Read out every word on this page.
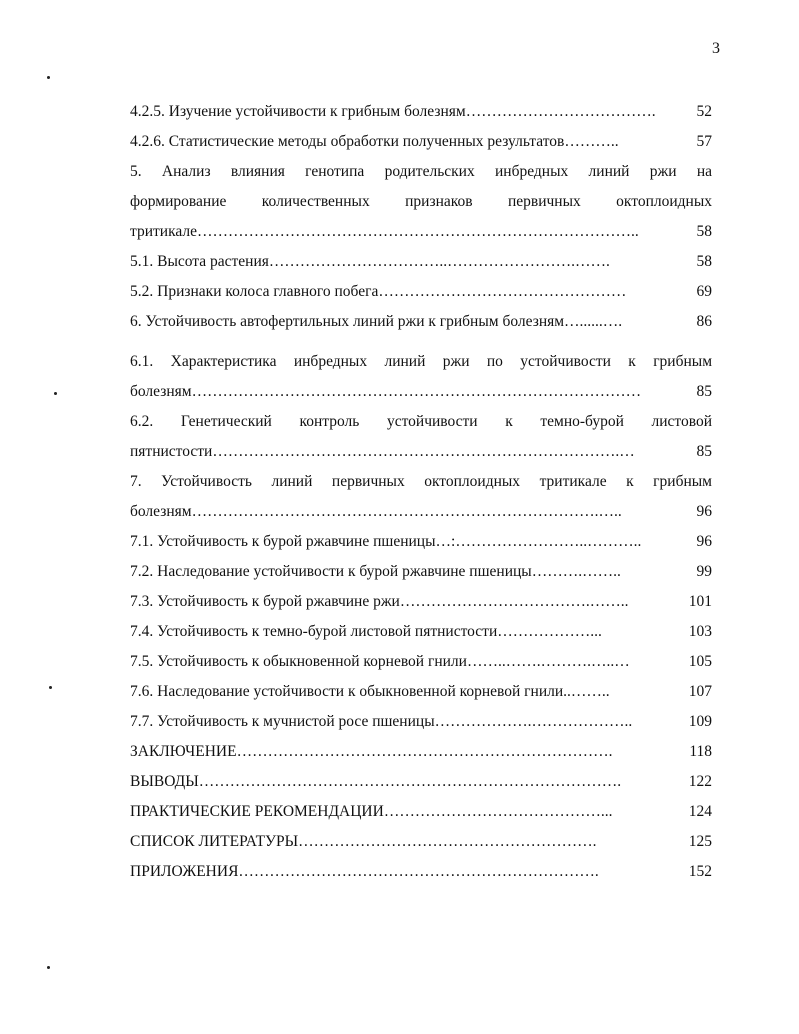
3
4.2.5. Изучение устойчивости к грибным болезням ……………………………….	52
4.2.6. Статистические методы обработки полученных результатов ………..	57
5. Анализ влияния генотипа родительских инбредных линий ржи на
формирование количественных признаков первичных октоплоидных
тритикале …………………………………………………………………………..	58
5.1. Высота растения ……………………………..…………………….…….	58
5.2. Признаки колоса главного побега …………………………………………	69
6. Устойчивость автофертильных линий ржи к грибным болезням …......….	86
6.1. Характеристика инбредных линий ржи по устойчивости к грибным
болезням ……………………………………………………………………………	85
6.2. Генетический контроль устойчивости к темно-бурой листовой
пятнистости …………………………………………………………………….…	85
7. Устойчивость линий первичных октоплоидных тритикале к грибным
болезням …………………………………………………………………….…..	96
7.1. Устойчивость к бурой ржавчине пшеницы …:……………………..………..	96
7.2. Наследование устойчивости к бурой ржавчине пшеницы ……….……..	99
7.3. Устойчивость к бурой ржавчине ржи ……………………………….……..	101
7.4. Устойчивость к темно-бурой листовой пятнистости ………………...	103
7.5. Устойчивость к обыкновенной корневой гнили ……..…….……….…..…	105
7.6. Наследование устойчивости к обыкновенной корневой гнили ..……..	107
7.7. Устойчивость к мучнистой росе пшеницы ……………….………………..	109
ЗАКЛЮЧЕНИЕ ……………………………………………………………….	118
ВЫВОДЫ ……………………………………………………………………….	122
ПРАКТИЧЕСКИЕ РЕКОМЕНДАЦИИ ……………………………………...	124
СПИСОК ЛИТЕРАТУРЫ ………………………………………………….	125
ПРИЛОЖЕНИЯ …………………………………………………………….	152
